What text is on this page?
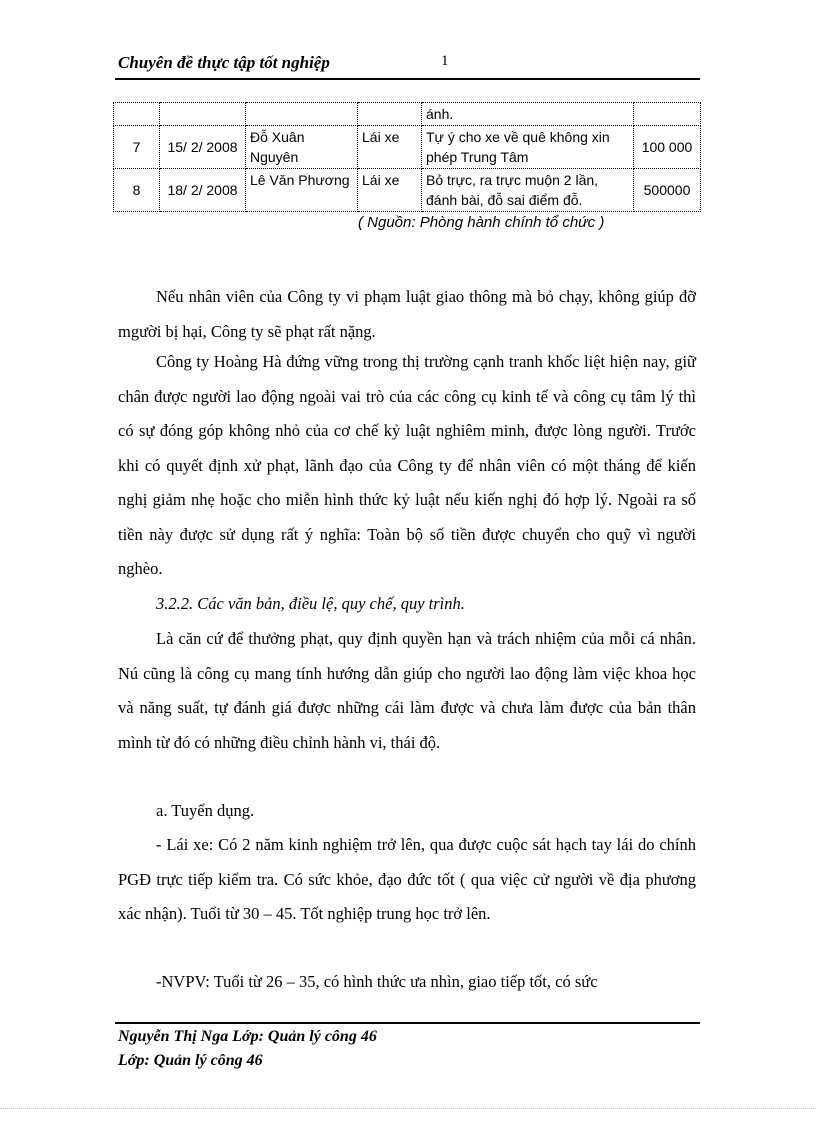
Chuyên đề thực tập tốt nghiệp	1
				ánh.	
7	15/ 2/ 2008	Đỗ Xuân Nguyên	Lái xe	Tự ý cho xe về quê không xin phép Trung Tâm	100 000
8	18/ 2/ 2008	Lê Văn Phương	Lái xe	Bỏ trực, ra trực muộn 2 lần, đánh bài, đỗ sai điểm đỗ.	500000
( Nguồn: Phòng hành chính tổ chức )

Nếu nhân viên của Công ty vi phạm luật giao thông mà bỏ chạy, không giúp đỡ mgười bị hại, Công ty sẽ phạt rất nặng.

Công ty Hoàng Hà đứng vững trong thị trường cạnh tranh khốc liệt hiện nay, giữ chân được người lao động ngoài vai trò của các công cụ kinh tế và công cụ tâm lý thì có sự đóng góp không nhỏ của cơ chế kỷ luật nghiêm minh, được lòng người. Trước khi có quyết định xử phạt, lãnh đạo của Công ty để nhân viên có một tháng để kiến nghị giảm nhẹ hoặc cho miễn hình thức kỷ luật nếu kiến nghị đó hợp lý. Ngoài ra số tiền này được sử dụng rất ý nghĩa: Toàn bộ số tiền được chuyển cho quỹ vì người nghèo.

3.2.2. Các văn bản, điều lệ, quy chế, quy trình.

Là căn cứ để thưởng phạt, quy định quyền hạn và trách nhiệm của mỗi cá nhân. Nú cũng là công cụ mang tính hướng dẫn giúp cho người lao động làm việc khoa học và năng suất, tự đánh giá được những cái làm được và chưa làm được của bản thân mình từ đó có những điều chỉnh hành vi, thái độ.

a. Tuyển dụng.

- Lái xe: Có 2 năm kinh nghiệm trở lên, qua được cuộc sát hạch tay lái do chính PGĐ trực tiếp kiểm tra. Có sức khỏe, đạo đức tốt ( qua việc cử người về địa phương xác nhận). Tuổi từ 30 – 45. Tốt nghiệp trung học trở lên.

-NVPV: Tuổi từ 26 – 35, có hình thức ưa nhìn, giao tiếp tốt, có sức

Nguyễn Thị Nga Lớp: Quản lý công 46
Lớp: Quản lý công 46
